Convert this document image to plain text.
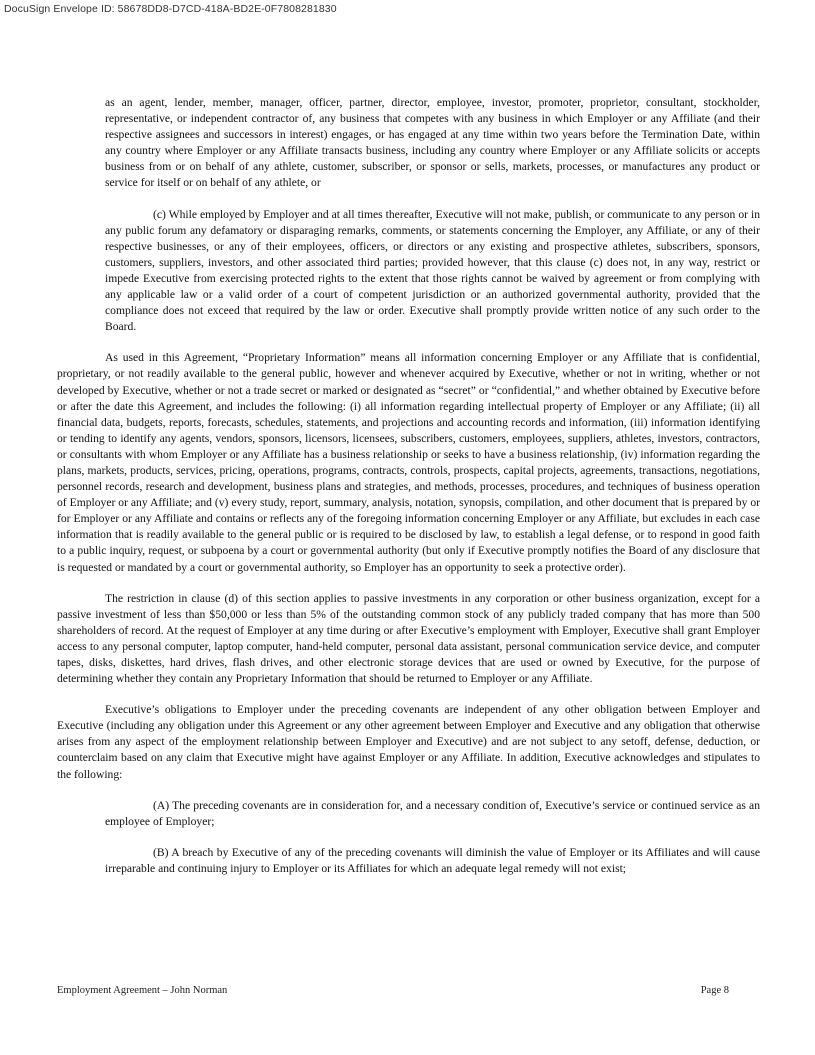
DocuSign Envelope ID: 58678DD8-D7CD-418A-BD2E-0F7808281830

as an agent, lender, member, manager, officer, partner, director, employee, investor, promoter, proprietor, consultant, stockholder, representative, or independent contractor of, any business that competes with any business in which Employer or any Affiliate (and their respective assignees and successors in interest) engages, or has engaged at any time within two years before the Termination Date, within any country where Employer or any Affiliate transacts business, including any country where Employer or any Affiliate solicits or accepts business from or on behalf of any athlete, customer, subscriber, or sponsor or sells, markets, processes, or manufactures any product or service for itself or on behalf of any athlete, or

(c) While employed by Employer and at all times thereafter, Executive will not make, publish, or communicate to any person or in any public forum any defamatory or disparaging remarks, comments, or statements concerning the Employer, any Affiliate, or any of their respective businesses, or any of their employees, officers, or directors or any existing and prospective athletes, subscribers, sponsors, customers, suppliers, investors, and other associated third parties; provided however, that this clause (c) does not, in any way, restrict or impede Executive from exercising protected rights to the extent that those rights cannot be waived by agreement or from complying with any applicable law or a valid order of a court of competent jurisdiction or an authorized governmental authority, provided that the compliance does not exceed that required by the law or order. Executive shall promptly provide written notice of any such order to the Board.

As used in this Agreement, “Proprietary Information” means all information concerning Employer or any Affiliate that is confidential, proprietary, or not readily available to the general public, however and whenever acquired by Executive, whether or not in writing, whether or not developed by Executive, whether or not a trade secret or marked or designated as “secret” or “confidential,” and whether obtained by Executive before or after the date this Agreement, and includes the following: (i) all information regarding intellectual property of Employer or any Affiliate; (ii) all financial data, budgets, reports, forecasts, schedules, statements, and projections and accounting records and information, (iii) information identifying or tending to identify any agents, vendors, sponsors, licensors, licensees, subscribers, customers, employees, suppliers, athletes, investors, contractors, or consultants with whom Employer or any Affiliate has a business relationship or seeks to have a business relationship, (iv) information regarding the plans, markets, products, services, pricing, operations, programs, contracts, controls, prospects, capital projects, agreements, transactions, negotiations, personnel records, research and development, business plans and strategies, and methods, processes, procedures, and techniques of business operation of Employer or any Affiliate; and (v) every study, report, summary, analysis, notation, synopsis, compilation, and other document that is prepared by or for Employer or any Affiliate and contains or reflects any of the foregoing information concerning Employer or any Affiliate, but excludes in each case information that is readily available to the general public or is required to be disclosed by law, to establish a legal defense, or to respond in good faith to a public inquiry, request, or subpoena by a court or governmental authority (but only if Executive promptly notifies the Board of any disclosure that is requested or mandated by a court or governmental authority, so Employer has an opportunity to seek a protective order).

The restriction in clause (d) of this section applies to passive investments in any corporation or other business organization, except for a passive investment of less than $50,000 or less than 5% of the outstanding common stock of any publicly traded company that has more than 500 shareholders of record. At the request of Employer at any time during or after Executive’s employment with Employer, Executive shall grant Employer access to any personal computer, laptop computer, hand-held computer, personal data assistant, personal communication service device, and computer tapes, disks, diskettes, hard drives, flash drives, and other electronic storage devices that are used or owned by Executive, for the purpose of determining whether they contain any Proprietary Information that should be returned to Employer or any Affiliate.

Executive’s obligations to Employer under the preceding covenants are independent of any other obligation between Employer and Executive (including any obligation under this Agreement or any other agreement between Employer and Executive and any obligation that otherwise arises from any aspect of the employment relationship between Employer and Executive) and are not subject to any setoff, defense, deduction, or counterclaim based on any claim that Executive might have against Employer or any Affiliate. In addition, Executive acknowledges and stipulates to the following:

(A) The preceding covenants are in consideration for, and a necessary condition of, Executive’s service or continued service as an employee of Employer;

(B) A breach by Executive of any of the preceding covenants will diminish the value of Employer or its Affiliates and will cause irreparable and continuing injury to Employer or its Affiliates for which an adequate legal remedy will not exist;

Employment Agreement – John Norman	Page 8
